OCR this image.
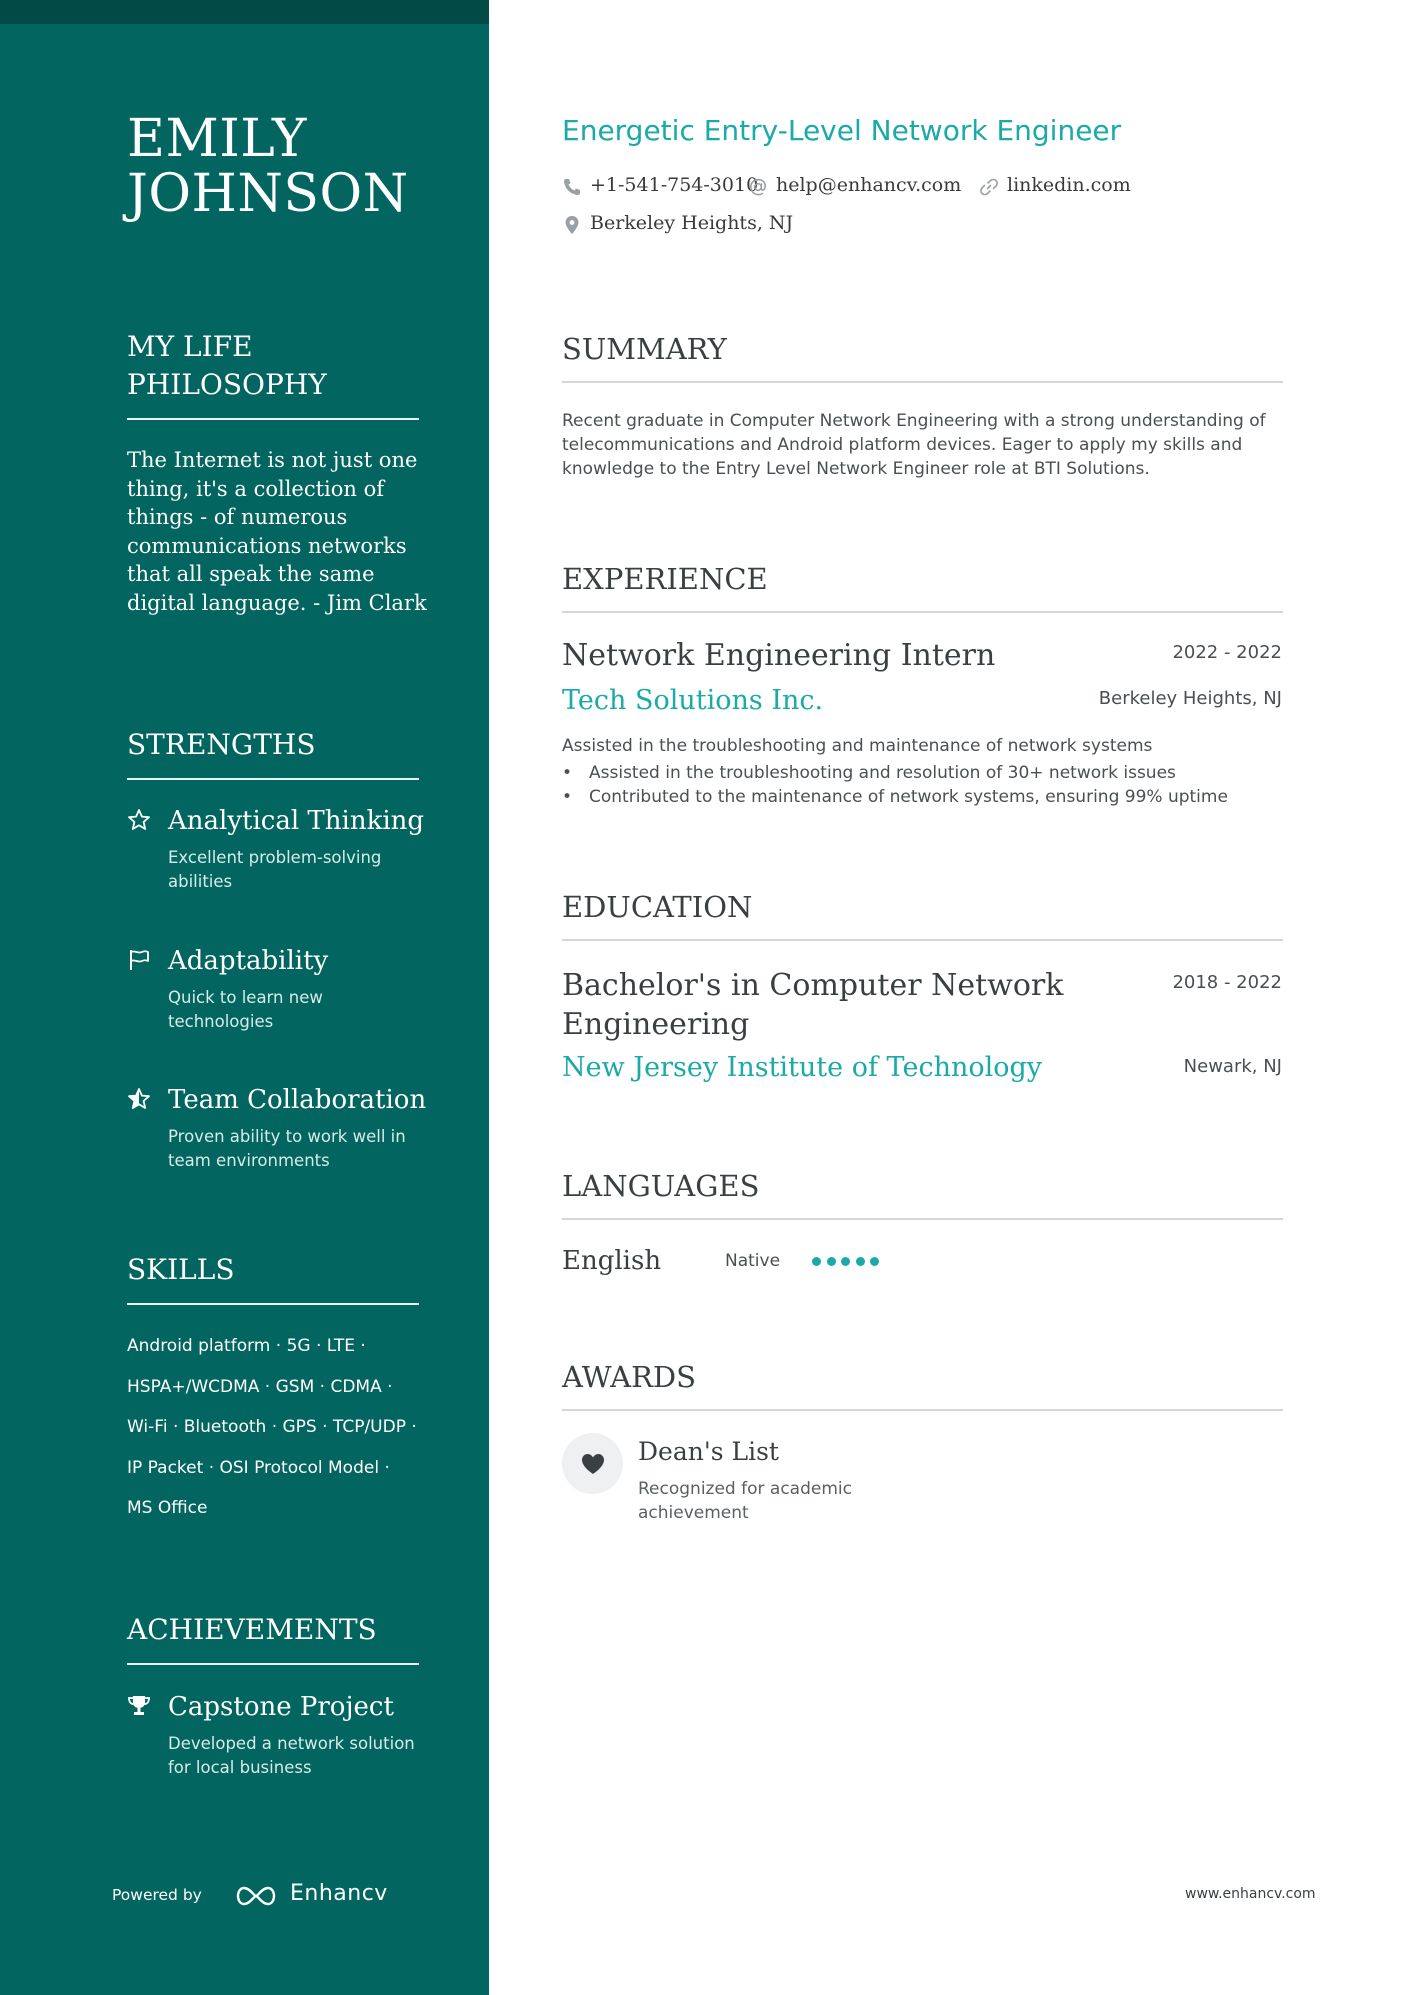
EMILY
JOHNSON
MY LIFE
PHILOSOPHY
The Internet is not just one thing, it's a collection of things - of numerous communications networks that all speak the same digital language. - Jim Clark
STRENGTHS
Analytical Thinking
Excellent problem-solving abilities
Adaptability
Quick to learn new technologies
Team Collaboration
Proven ability to work well in team environments
SKILLS
Android platform · 5G · LTE ·
HSPA+/WCDMA · GSM · CDMA ·
Wi-Fi · Bluetooth · GPS · TCP/UDP ·
IP Packet · OSI Protocol Model ·
MS Office
ACHIEVEMENTS
Capstone Project
Developed a network solution for local business
Powered by	Enhancv
Energetic Entry-Level Network Engineer
+1-541-754-3010 help@enhancv.com linkedin.com
Berkeley Heights, NJ
SUMMARY
Recent graduate in Computer Network Engineering with a strong understanding of telecommunications and Android platform devices. Eager to apply my skills and knowledge to the Entry Level Network Engineer role at BTI Solutions.
EXPERIENCE
Network Engineering Intern	2022 - 2022
Tech Solutions Inc.	Berkeley Heights, NJ
Assisted in the troubleshooting and maintenance of network systems
• Assisted in the troubleshooting and resolution of 30+ network issues
• Contributed to the maintenance of network systems, ensuring 99% uptime
EDUCATION
Bachelor's in Computer Network
Engineering
2018 - 2022
New Jersey Institute of Technology	Newark, NJ
LANGUAGES
English	Native
AWARDS
Dean's List
Recognized for academic achievement
www.enhancv.com
